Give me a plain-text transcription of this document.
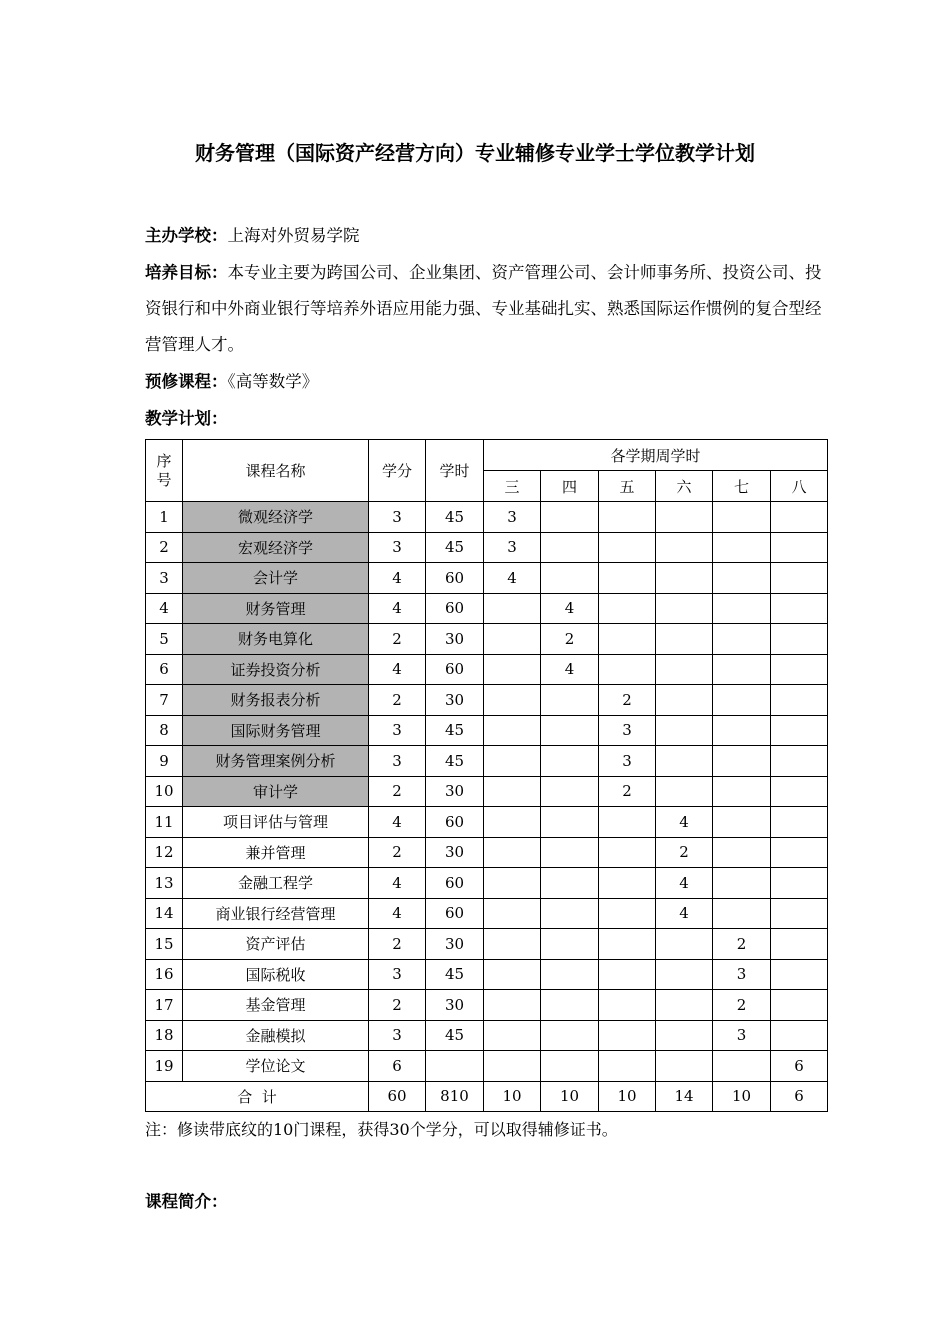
财务管理（国际资产经营方向）专业辅修专业学士学位教学计划
主办学校：上海对外贸易学院
培养目标：本专业主要为跨国公司、企业集团、资产管理公司、会计师事务所、投资公司、投资银行和中外商业银行等培养外语应用能力强、专业基础扎实、熟悉国际运作惯例的复合型经营管理人才。
预修课程：《高等数学》
教学计划：
序号	课程名称	学分	学时	各学期周学时					
				三	四	五	六	七	八
1	微观经济学	3	45	3					
2	宏观经济学	3	45	3					
3	会计学	4	60	4					
4	财务管理	4	60		4				
5	财务电算化	2	30		2				
6	证券投资分析	4	60		4				
7	财务报表分析	2	30			2			
8	国际财务管理	3	45			3			
9	财务管理案例分析	3	45			3			
10	审计学	2	30			2			
11	项目评估与管理	4	60				4		
12	兼并管理	2	30				2		
13	金融工程学	4	60				4		
14	商业银行经营管理	4	60				4		
15	资产评估	2	30					2	
16	国际税收	3	45					3	
17	基金管理	2	30					2	
18	金融模拟	3	45					3	
19	学位论文	6							6
合  计		60	810	10	10	10	14	10	6
注：修读带底纹的10门课程，获得30个学分，可以取得辅修证书。
课程简介：
